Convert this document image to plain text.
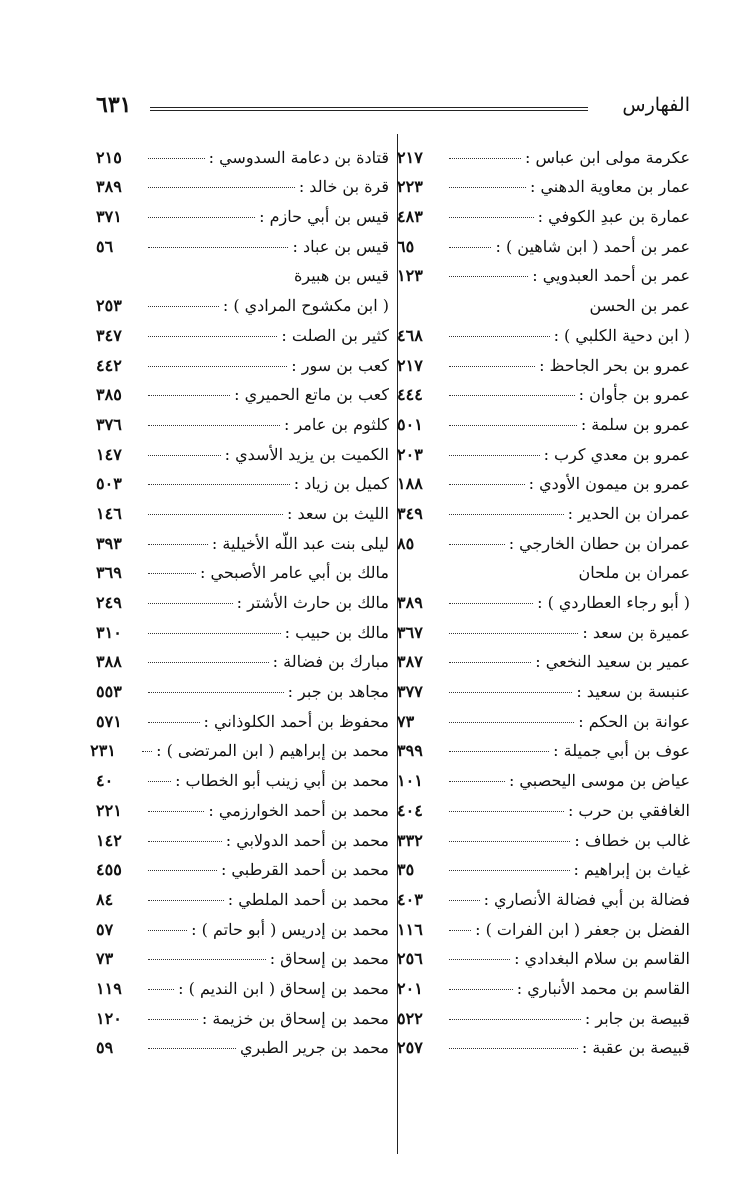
الفهارس
٦٣١
عكرمة مولى ابن عباس :
٢١٧
عمار بن معاوية الدهني :
٢٢٣
عمارة بن عبدِ الكوفي :
٤٨٣
عمر بن أحمد ( ابن شاهين ) :
٦٥
عمر بن أحمد العبدويي :
١٢٣
عمر بن الحسن
( ابن دحية الكلبي ) :
٤٦٨
عمرو بن بحر الجاحظ :
٢١٧
عمرو بن جأوان :
٤٤٤
عمرو بن سلمة :
٥٠١
عمرو بن معدي كرب :
٢٠٣
عمرو بن ميمون الأودي :
١٨٨
عمران بن الحدير :
٣٤٩
عمران بن حطان الخارجي :
٨٥
عمران بن ملحان
( أبو رجاء العطاردي ) :
٣٨٩
عميرة بن سعد :
٣٦٧
عمير بن سعيد النخعي :
٣٨٧
عنبسة بن سعيد :
٣٧٧
عوانة بن الحكم :
٧٣
عوف بن أبي جميلة :
٣٩٩
عياض بن موسى اليحصبي :
١٠١
الغافقي بن حرب :
٤٠٤
غالب بن خطاف :
٣٣٢
غياث بن إبراهيم :
٣٥
فضالة بن أبي فضالة الأنصاري :
٤٠٣
الفضل بن جعفر ( ابن الفرات ) :
١١٦
القاسم بن سلام البغدادي :
٢٥٦
القاسم بن محمد الأنباري :
٢٠١
قبيصة بن جابر :
٥٢٢
قبيصة بن عقبة :
٢٥٧
قتادة بن دعامة السدوسي :
٢١٥
قرة بن خالد :
٣٨٩
قيس بن أبي حازم :
٣٧١
قيس بن عباد :
٥٦
قيس بن هبيرة
( ابن مكشوح المرادي ) :
٢٥٣
كثير بن الصلت :
٣٤٧
كعب بن سور :
٤٤٢
كعب بن ماتع الحميري :
٣٨٥
كلثوم بن عامر :
٣٧٦
الكميت بن يزيد الأسدي :
١٤٧
كميل بن زياد :
٥٠٣
الليث بن سعد :
١٤٦
ليلى بنت عبد اللّه الأخيلية :
٣٩٣
مالك بن أبي عامر الأصبحي :
٣٦٩
مالك بن حارث الأشتر :
٢٤٩
مالك بن حبيب :
٣١٠
مبارك بن فضالة :
٣٨٨
مجاهد بن جبر :
٥٥٣
محفوظ بن أحمد الكلوذاني :
٥٧١
محمد بن إبراهيم ( ابن المرتضى ) :
٢٣١
محمد بن أبي زينب أبو الخطاب :
٤٠
محمد بن أحمد الخوارزمي :
٢٢١
محمد بن أحمد الدولابي :
١٤٢
محمد بن أحمد القرطبي :
٤٥٥
محمد بن أحمد الملطي :
٨٤
محمد بن إدريس ( أبو حاتم ) :
٥٧
محمد بن إسحاق :
٧٣
محمد بن إسحاق ( ابن النديم ) :
١١٩
محمد بن إسحاق بن خزيمة :
١٢٠
محمد بن جرير الطبري
٥٩
